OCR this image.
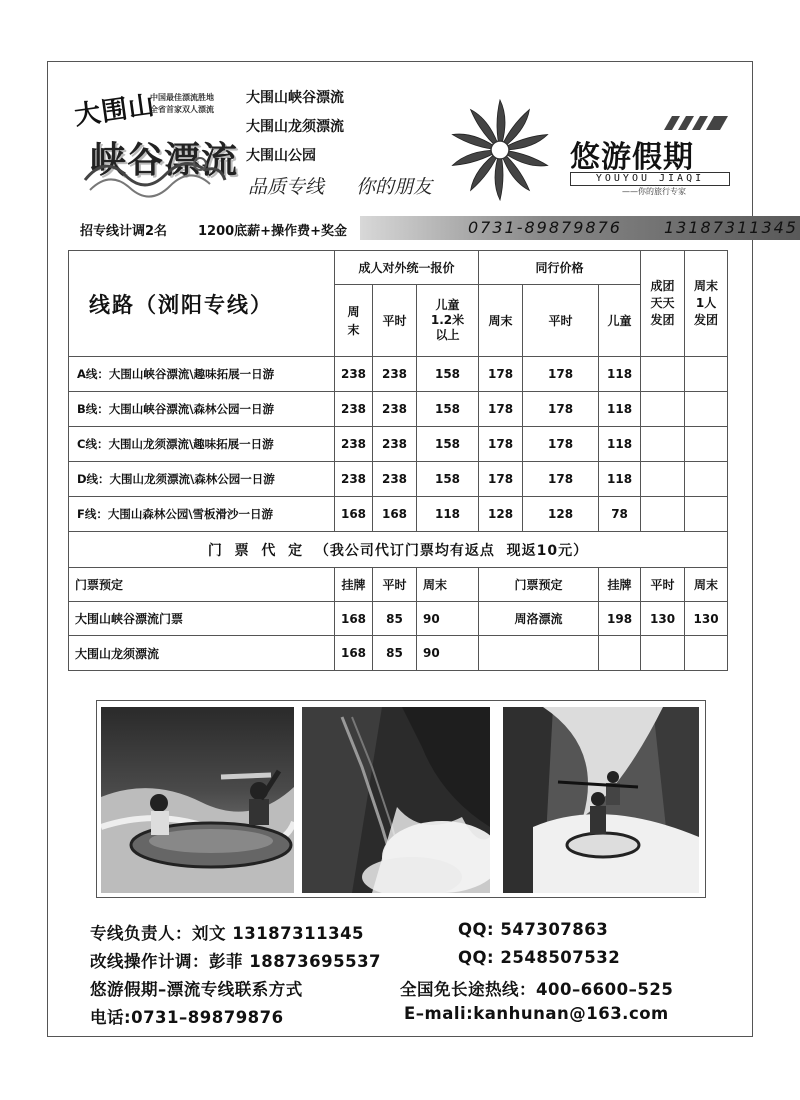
大围山
中国最佳漂流胜地
全省首家双人漂流
峡谷漂流
大围山峡谷漂流
大围山龙须漂流
大围山公园
品质专线 你的朋友
悠游假期
YOUYOU JIAQI
——你的旅行专家
招专线计调2名 1200底薪+操作费+奖金	0731-89879876	13187311345
线路（浏阳专线）	成人对外统一报价			同行价格			成团天天发团	周末1人发团

	周末	平时	儿童1.2米以上	周末	平时	儿童		
A线：大围山峡谷漂流\趣味拓展一日游	238	238	158	178	178	118		
B线：大围山峡谷漂流\森林公园一日游	238	238	158	178	178	118		
C线：大围山龙须漂流\趣味拓展一日游	238	238	158	178	178	118		
D线：大围山龙须漂流\森林公园一日游	238	238	158	178	178	118		
F线：大围山森林公园\雪板滑沙一日游	168	168	118	128	128	78		
门  票  代  定  （我公司代订门票均有返点  现返10元）								
门票预定	挂牌	平时	周末	门票预定		挂牌	平时	周末
大围山峡谷漂流门票	168	85	90	周洛漂流		198	130	130
大围山龙须漂流	168	85	90					
专线负责人：刘文 13187311345	QQ: 547307863
改线操作计调：彭菲 18873695537	QQ: 2548507532
悠游假期–漂流专线联系方式	全国免长途热线：400–6600–525
电话:0731–89879876	E–mali:kanhunan@163.com
